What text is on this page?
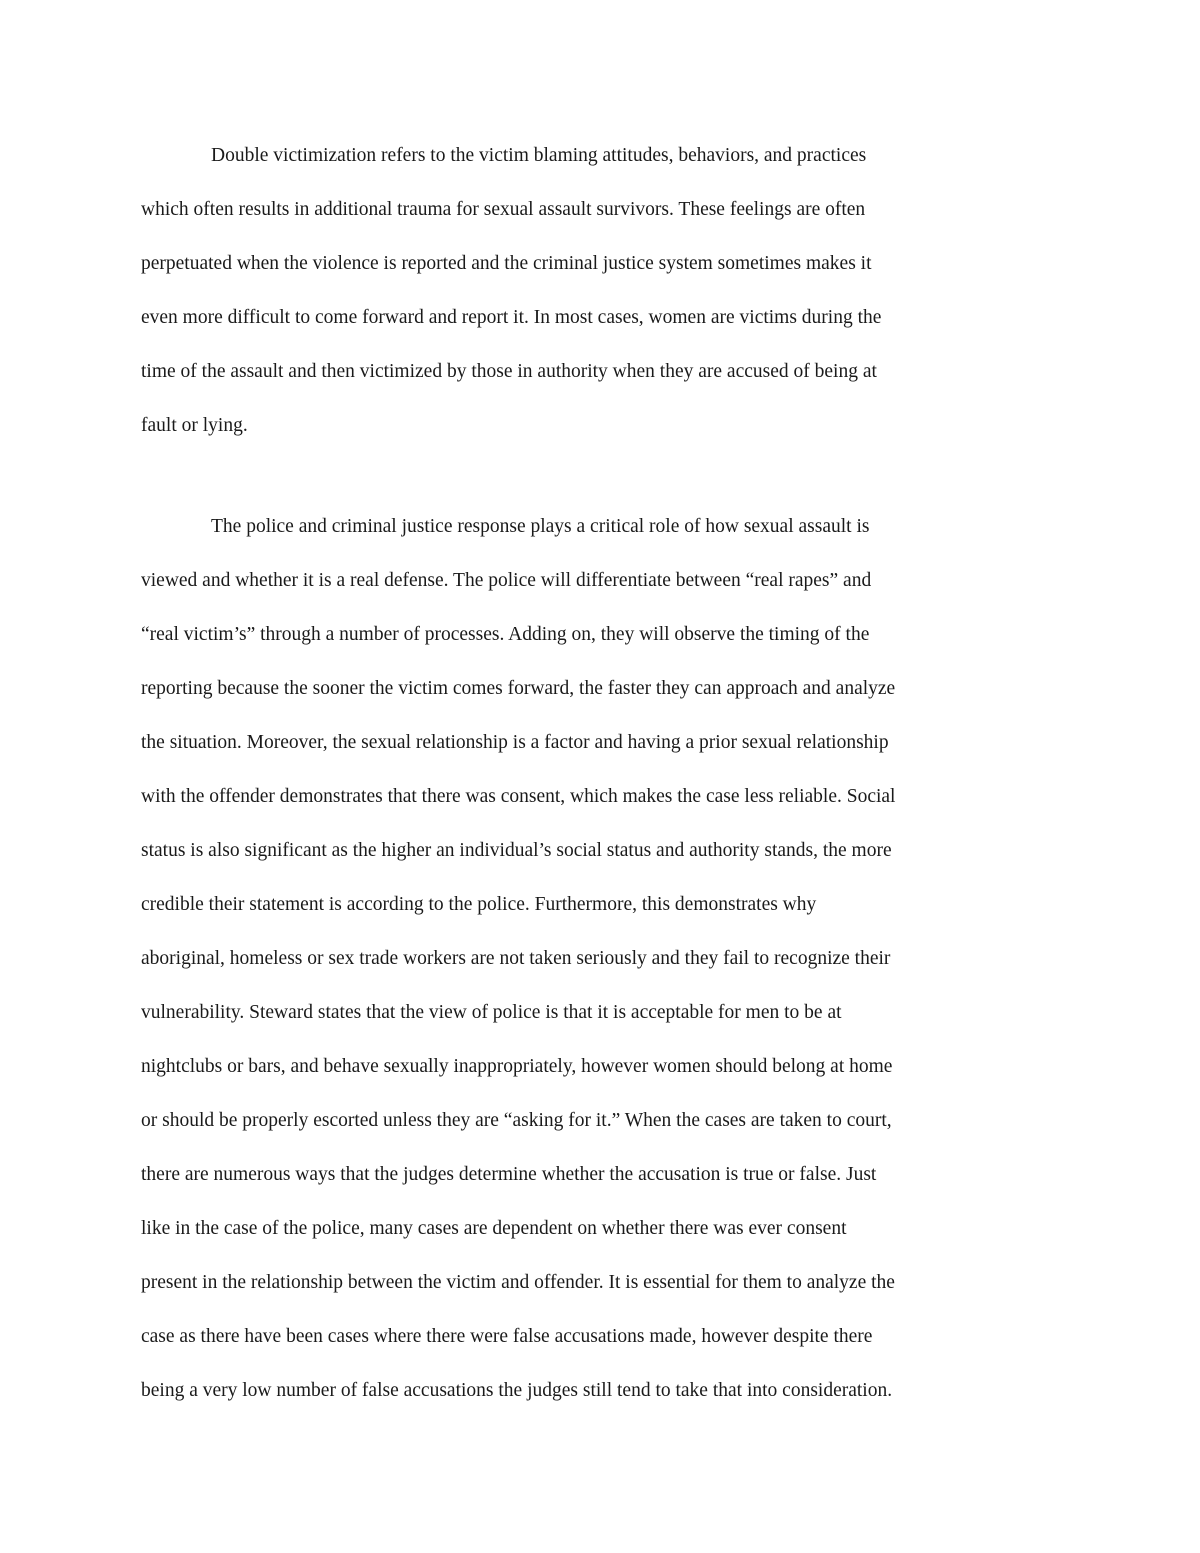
Double victimization refers to the victim blaming attitudes, behaviors, and practices
which often results in additional trauma for sexual assault survivors. These feelings are often
perpetuated when the violence is reported and the criminal justice system sometimes makes it
even more difficult to come forward and report it. In most cases, women are victims during the
time of the assault and then victimized by those in authority when they are accused of being at
fault or lying.
The police and criminal justice response plays a critical role of how sexual assault is
viewed and whether it is a real defense. The police will differentiate between “real rapes” and
“real victim’s” through a number of processes. Adding on, they will observe the timing of the
reporting because the sooner the victim comes forward, the faster they can approach and analyze
the situation. Moreover, the sexual relationship is a factor and having a prior sexual relationship
with the offender demonstrates that there was consent, which makes the case less reliable. Social
status is also significant as the higher an individual’s social status and authority stands, the more
credible their statement is according to the police. Furthermore, this demonstrates why
aboriginal, homeless or sex trade workers are not taken seriously and they fail to recognize their
vulnerability. Steward states that the view of police is that it is acceptable for men to be at
nightclubs or bars, and behave sexually inappropriately, however women should belong at home
or should be properly escorted unless they are “asking for it.” When the cases are taken to court,
there are numerous ways that the judges determine whether the accusation is true or false. Just
like in the case of the police, many cases are dependent on whether there was ever consent
present in the relationship between the victim and offender. It is essential for them to analyze the
case as there have been cases where there were false accusations made, however despite there
being a very low number of false accusations the judges still tend to take that into consideration.
